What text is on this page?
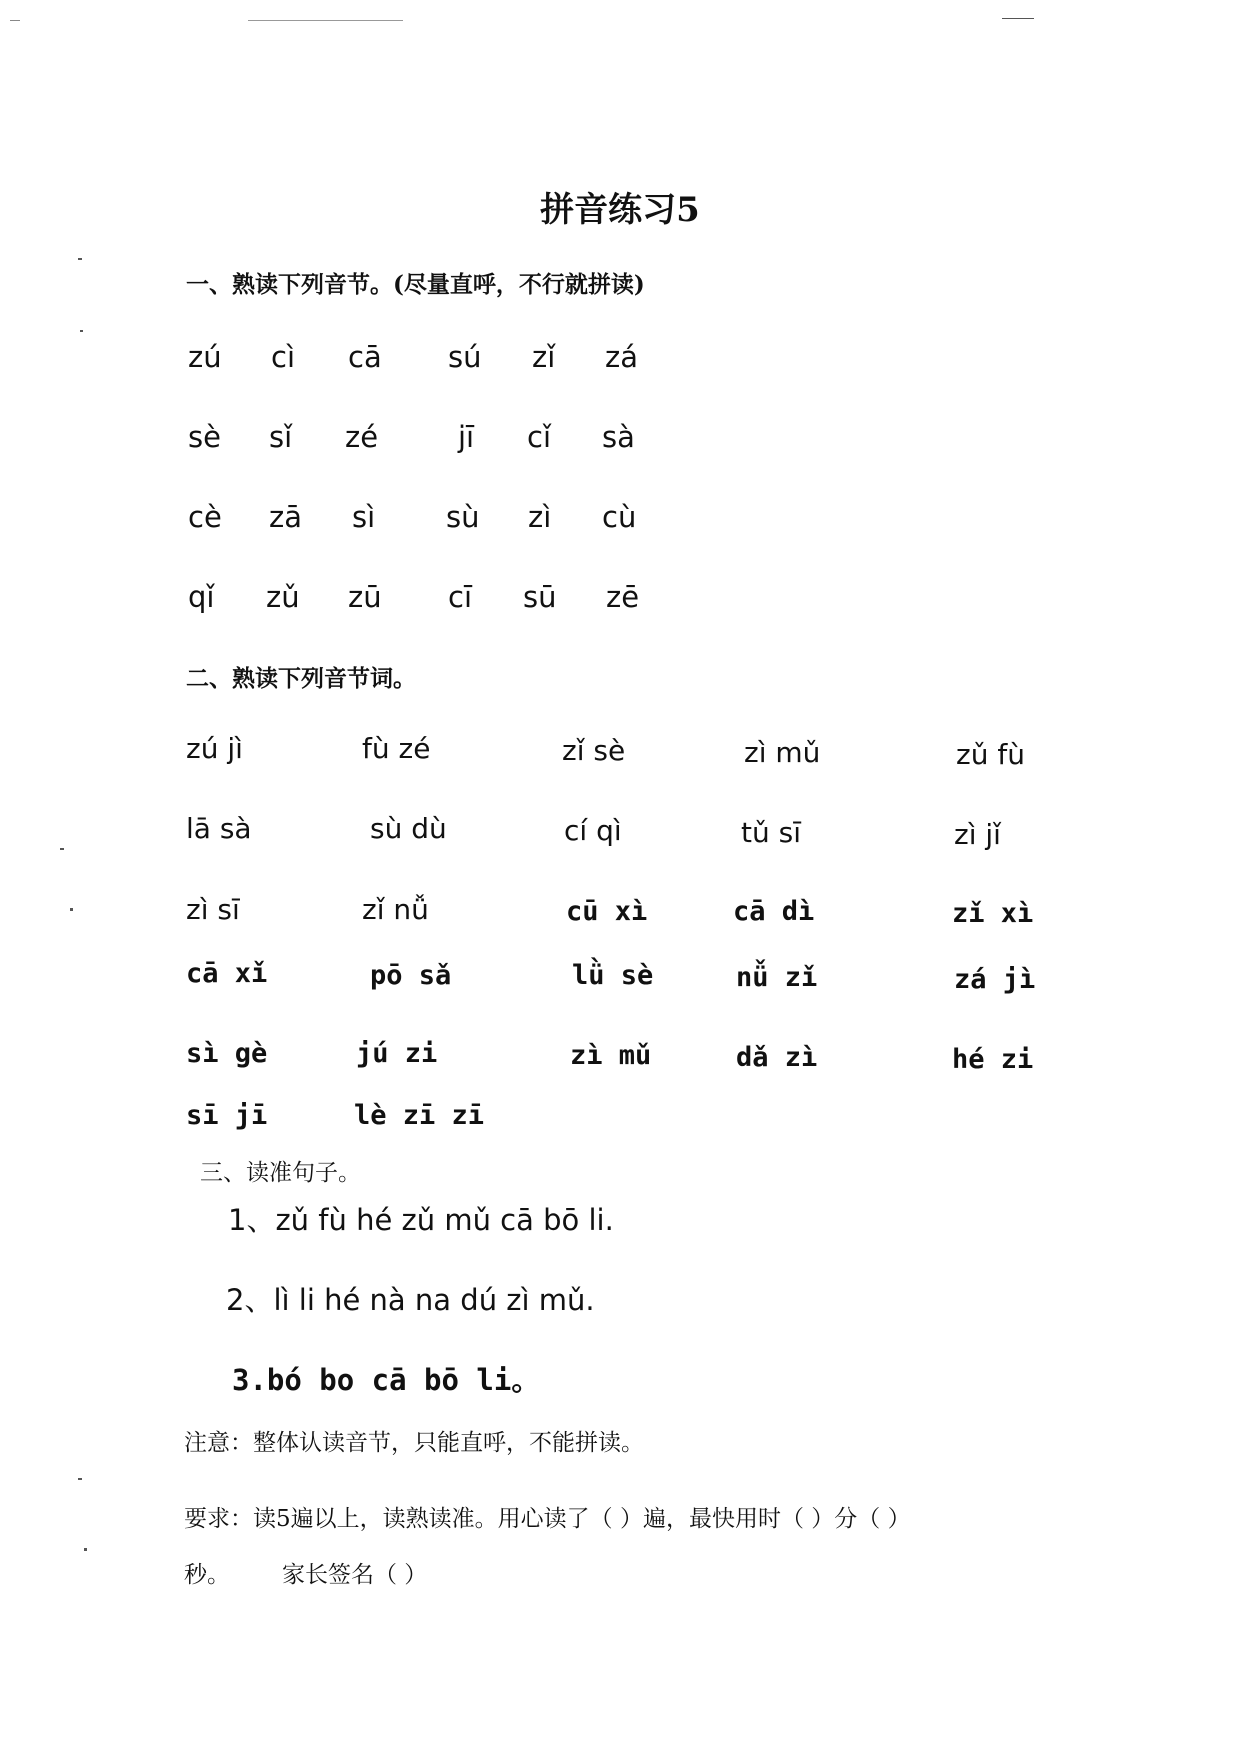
拼音练习5
一、熟读下列音节。(尽量直呼，不行就拼读)
zú cì cā sú zǐ zá
sè sǐ zé	jī cǐ sà
cè zā sì sù zì cù
qǐ zǔ zū cī sū zē
二、熟读下列音节词。
zú jì	fù zé	zǐ sè	zì mǔ	zǔ fù
lā sà	sù dù	cí qì	tǔ sī	zì jǐ
zì sī	zǐ nǚ	cū xì	cā dì	zǐ xì
cā xǐ	pō sǎ	lǜ sè	nǚ zǐ	zá jì
sì gè	jú zi	zì mǔ	dǎ zì	hé zi
sī jī	lè zī zī
三、读准句子。
1、zǔ fù hé zǔ mǔ cā bō li.
2、lì li hé nà na dú zì mǔ.
3.bó bo cā bō li。
注意：整体认读音节，只能直呼，不能拼读。
要求：读5遍以上，读熟读准。用心读了（ ）遍，最快用时（ ）分（ ）
秒。 家长签名（ ）
